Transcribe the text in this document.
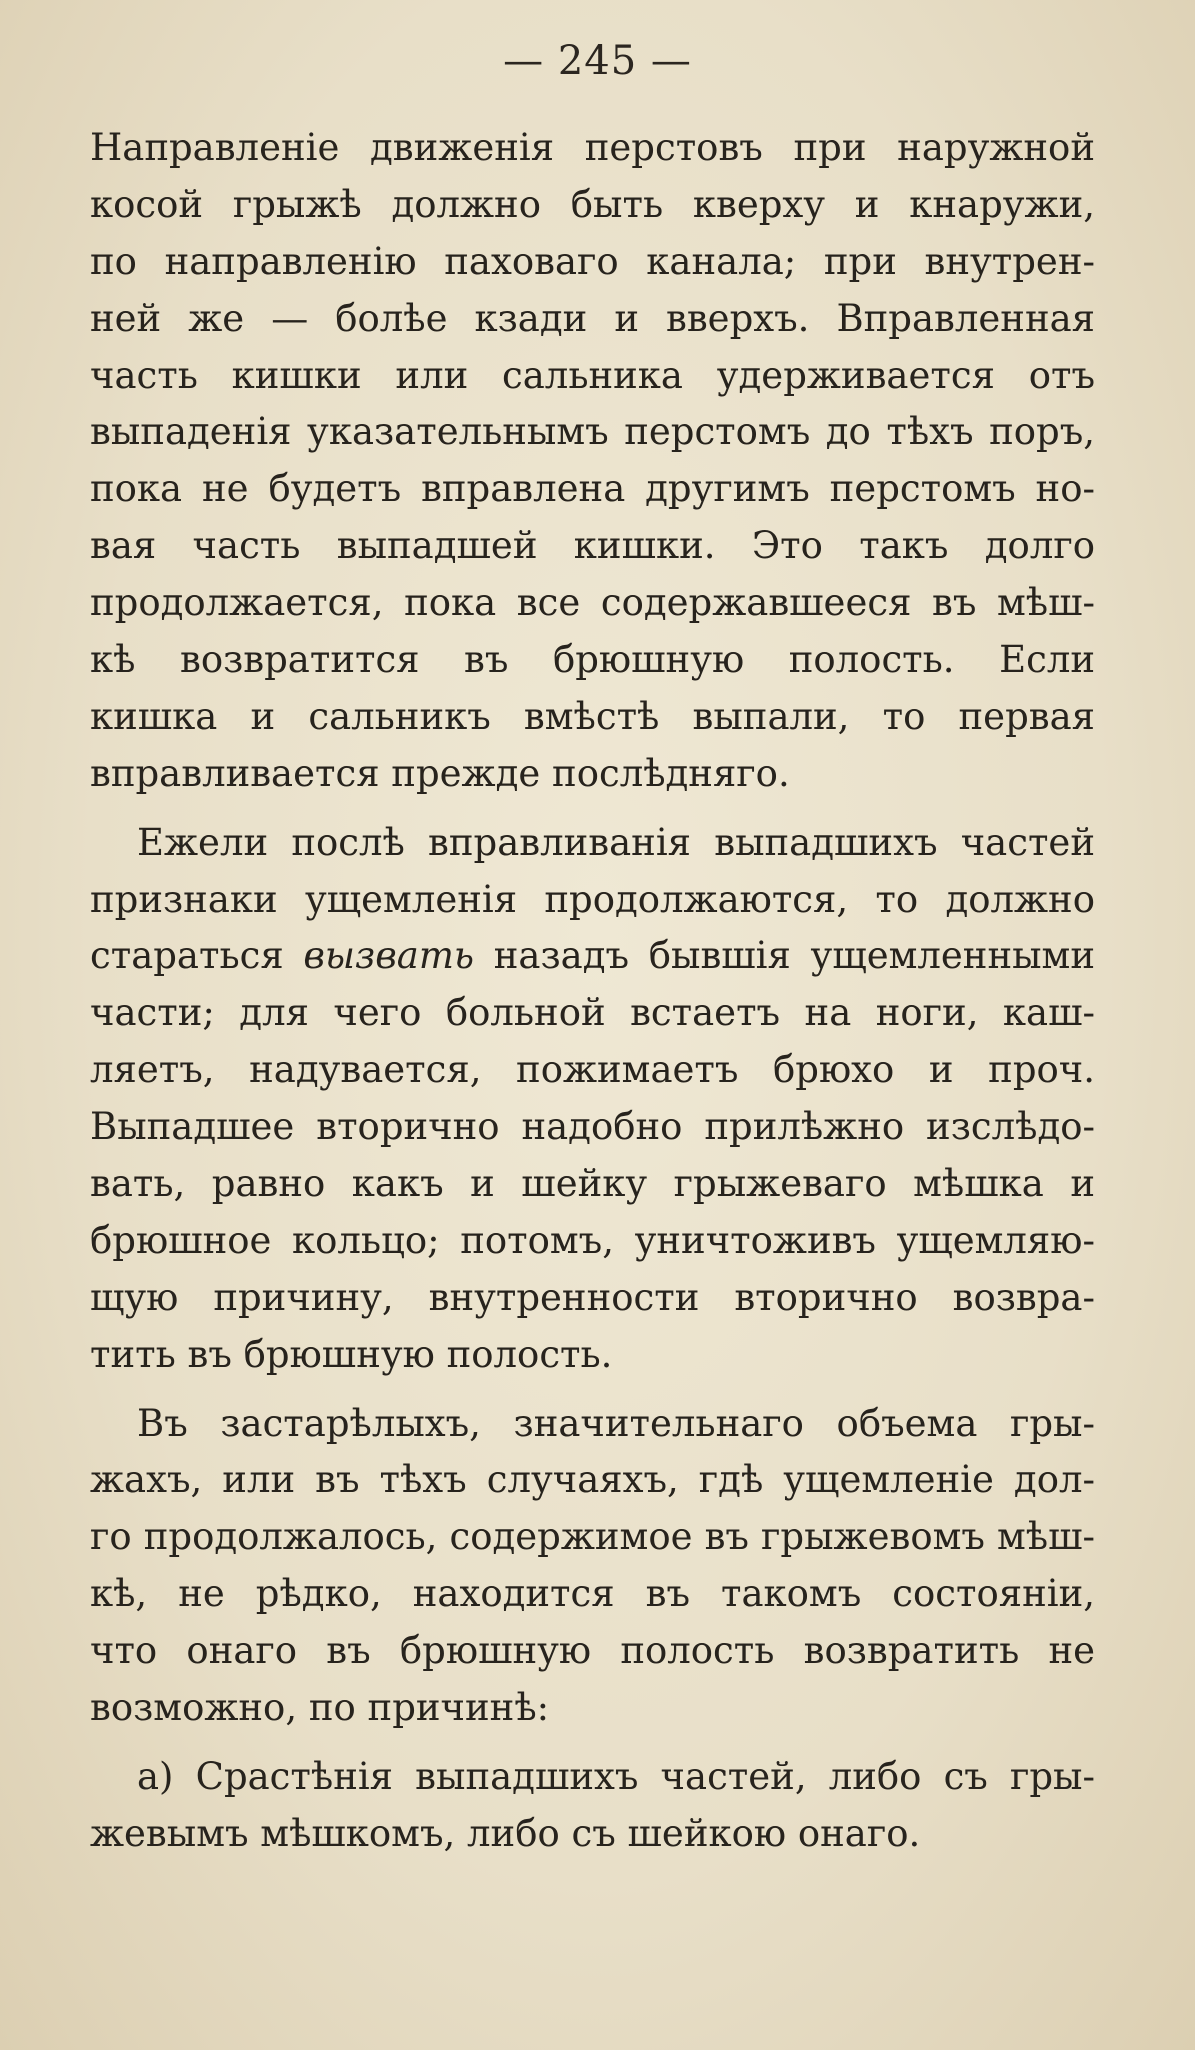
— 245 —
Направленіе движенія перстовъ при наружной
косой грыжѣ должно быть кверху и кнаружи,
по направленію паховаго канала; при внутрен-
ней же — болѣе кзади и вверхъ. Вправленная
часть кишки или сальника удерживается отъ
выпаденія указательнымъ перстомъ до тѣхъ поръ,
пока не будетъ вправлена другимъ перстомъ но-
вая часть выпадшей кишки. Это такъ долго
продолжается, пока все содержавшееся въ мѣш-
кѣ возвратится въ брюшную полость. Если
кишка и сальникъ вмѣстѣ выпали, то первая
вправливается прежде послѣдняго.
Ежели послѣ вправливанія выпадшихъ частей
признаки ущемленія продолжаются, то должно
стараться вызвать назадъ бывшія ущемленными
части; для чего больной встаетъ на ноги, каш-
ляетъ, надувается, пожимаетъ брюхо и проч.
Выпадшее вторично надобно прилѣжно изслѣдо-
вать, равно какъ и шейку грыжеваго мѣшка и
брюшное кольцо; потомъ, уничтоживъ ущемляю-
щую причину, внутренности вторично возвра-
тить въ брюшную полость.
Въ застарѣлыхъ, значительнаго объема гры-
жахъ, или въ тѣхъ случаяхъ, гдѣ ущемленіе дол-
го продолжалось, содержимое въ грыжевомъ мѣш-
кѣ, не рѣдко, находится въ такомъ состояніи,
что онаго въ брюшную полость возвратить не
возможно, по причинѣ:
а) Срастѣнія выпадшихъ частей, либо съ гры-
жевымъ мѣшкомъ, либо съ шейкою онаго.
